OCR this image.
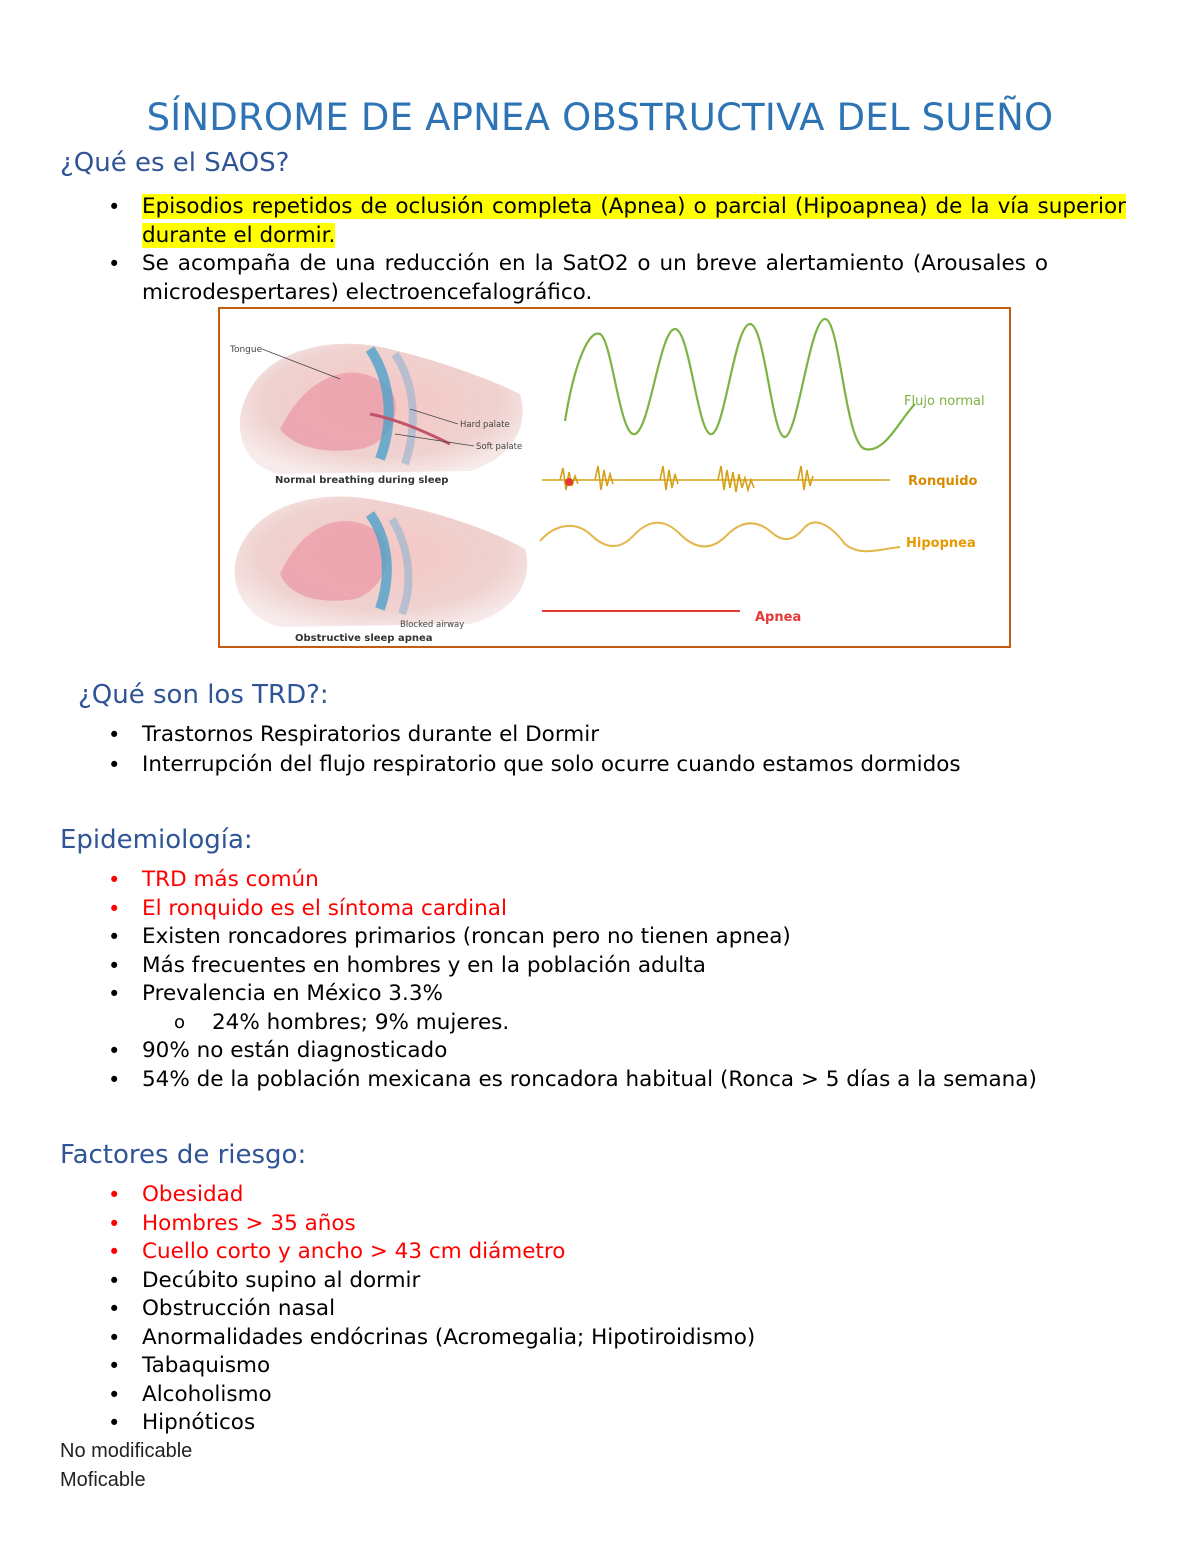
SÍNDROME DE APNEA OBSTRUCTIVA DEL SUEÑO
¿Qué es el SAOS?
• Episodios repetidos de oclusión completa (Apnea) o parcial (Hipoapnea) de la vía superior durante el dormir.
• Se acompaña de una reducción en la SatO2 o un breve alertamiento (Arousales o microdespertares) electroencefalográfico.
Tongue
Hard palate
Soft palate
Normal breathing during sleep
Blocked airway
Obstructive sleep apnea
Flujo normal
Ronquido
Hipopnea
Apnea
¿Qué son los TRD?:
• Trastornos Respiratorios durante el Dormir
• Interrupción del flujo respiratorio que solo ocurre cuando estamos dormidos
Epidemiología:
• TRD más común
• El ronquido es el síntoma cardinal
• Existen roncadores primarios (roncan pero no tienen apnea)
• Más frecuentes en hombres y en la población adulta
• Prevalencia en México 3.3%
o 24% hombres; 9% mujeres.
• 90% no están diagnosticado
• 54% de la población mexicana es roncadora habitual (Ronca > 5 días a la semana)
Factores de riesgo:
• Obesidad
• Hombres > 35 años
• Cuello corto y ancho > 43 cm diámetro
• Decúbito supino al dormir
• Obstrucción nasal
• Anormalidades endócrinas (Acromegalia; Hipotiroidismo)
• Tabaquismo
• Alcoholismo
• Hipnóticos
No modificable
Moficable
